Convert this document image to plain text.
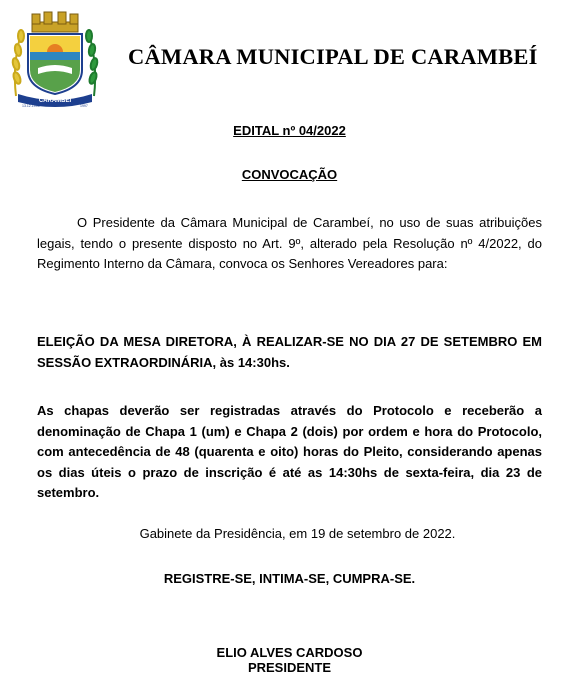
CARAMBEÍ
13.12.1995	1997
CÂMARA MUNICIPAL DE CARAMBEÍ
EDITAL nº 04/2022
CONVOCAÇÃO
O Presidente da Câmara Municipal de Carambeí, no uso de suas atribuições legais, tendo o presente disposto no Art. 9º, alterado pela Resolução nº 4/2022, do Regimento Interno da Câmara, convoca os Senhores Vereadores para:
ELEIÇÃO DA MESA DIRETORA, À REALIZAR-SE NO DIA 27 DE SETEMBRO EM SESSÃO EXTRAORDINÁRIA, às 14:30hs.
As chapas deverão ser registradas através do Protocolo e receberão a denominação de Chapa 1 (um) e Chapa 2 (dois) por ordem e hora do Protocolo, com antecedência de 48 (quarenta e oito) horas do Pleito, considerando apenas os dias úteis o prazo de inscrição é até as 14:30hs de sexta-feira, dia 23 de setembro.
Gabinete da Presidência, em 19 de setembro de 2022.
REGISTRE-SE, INTIMA-SE, CUMPRA-SE.
ELIO ALVES CARDOSO
PRESIDENTE
